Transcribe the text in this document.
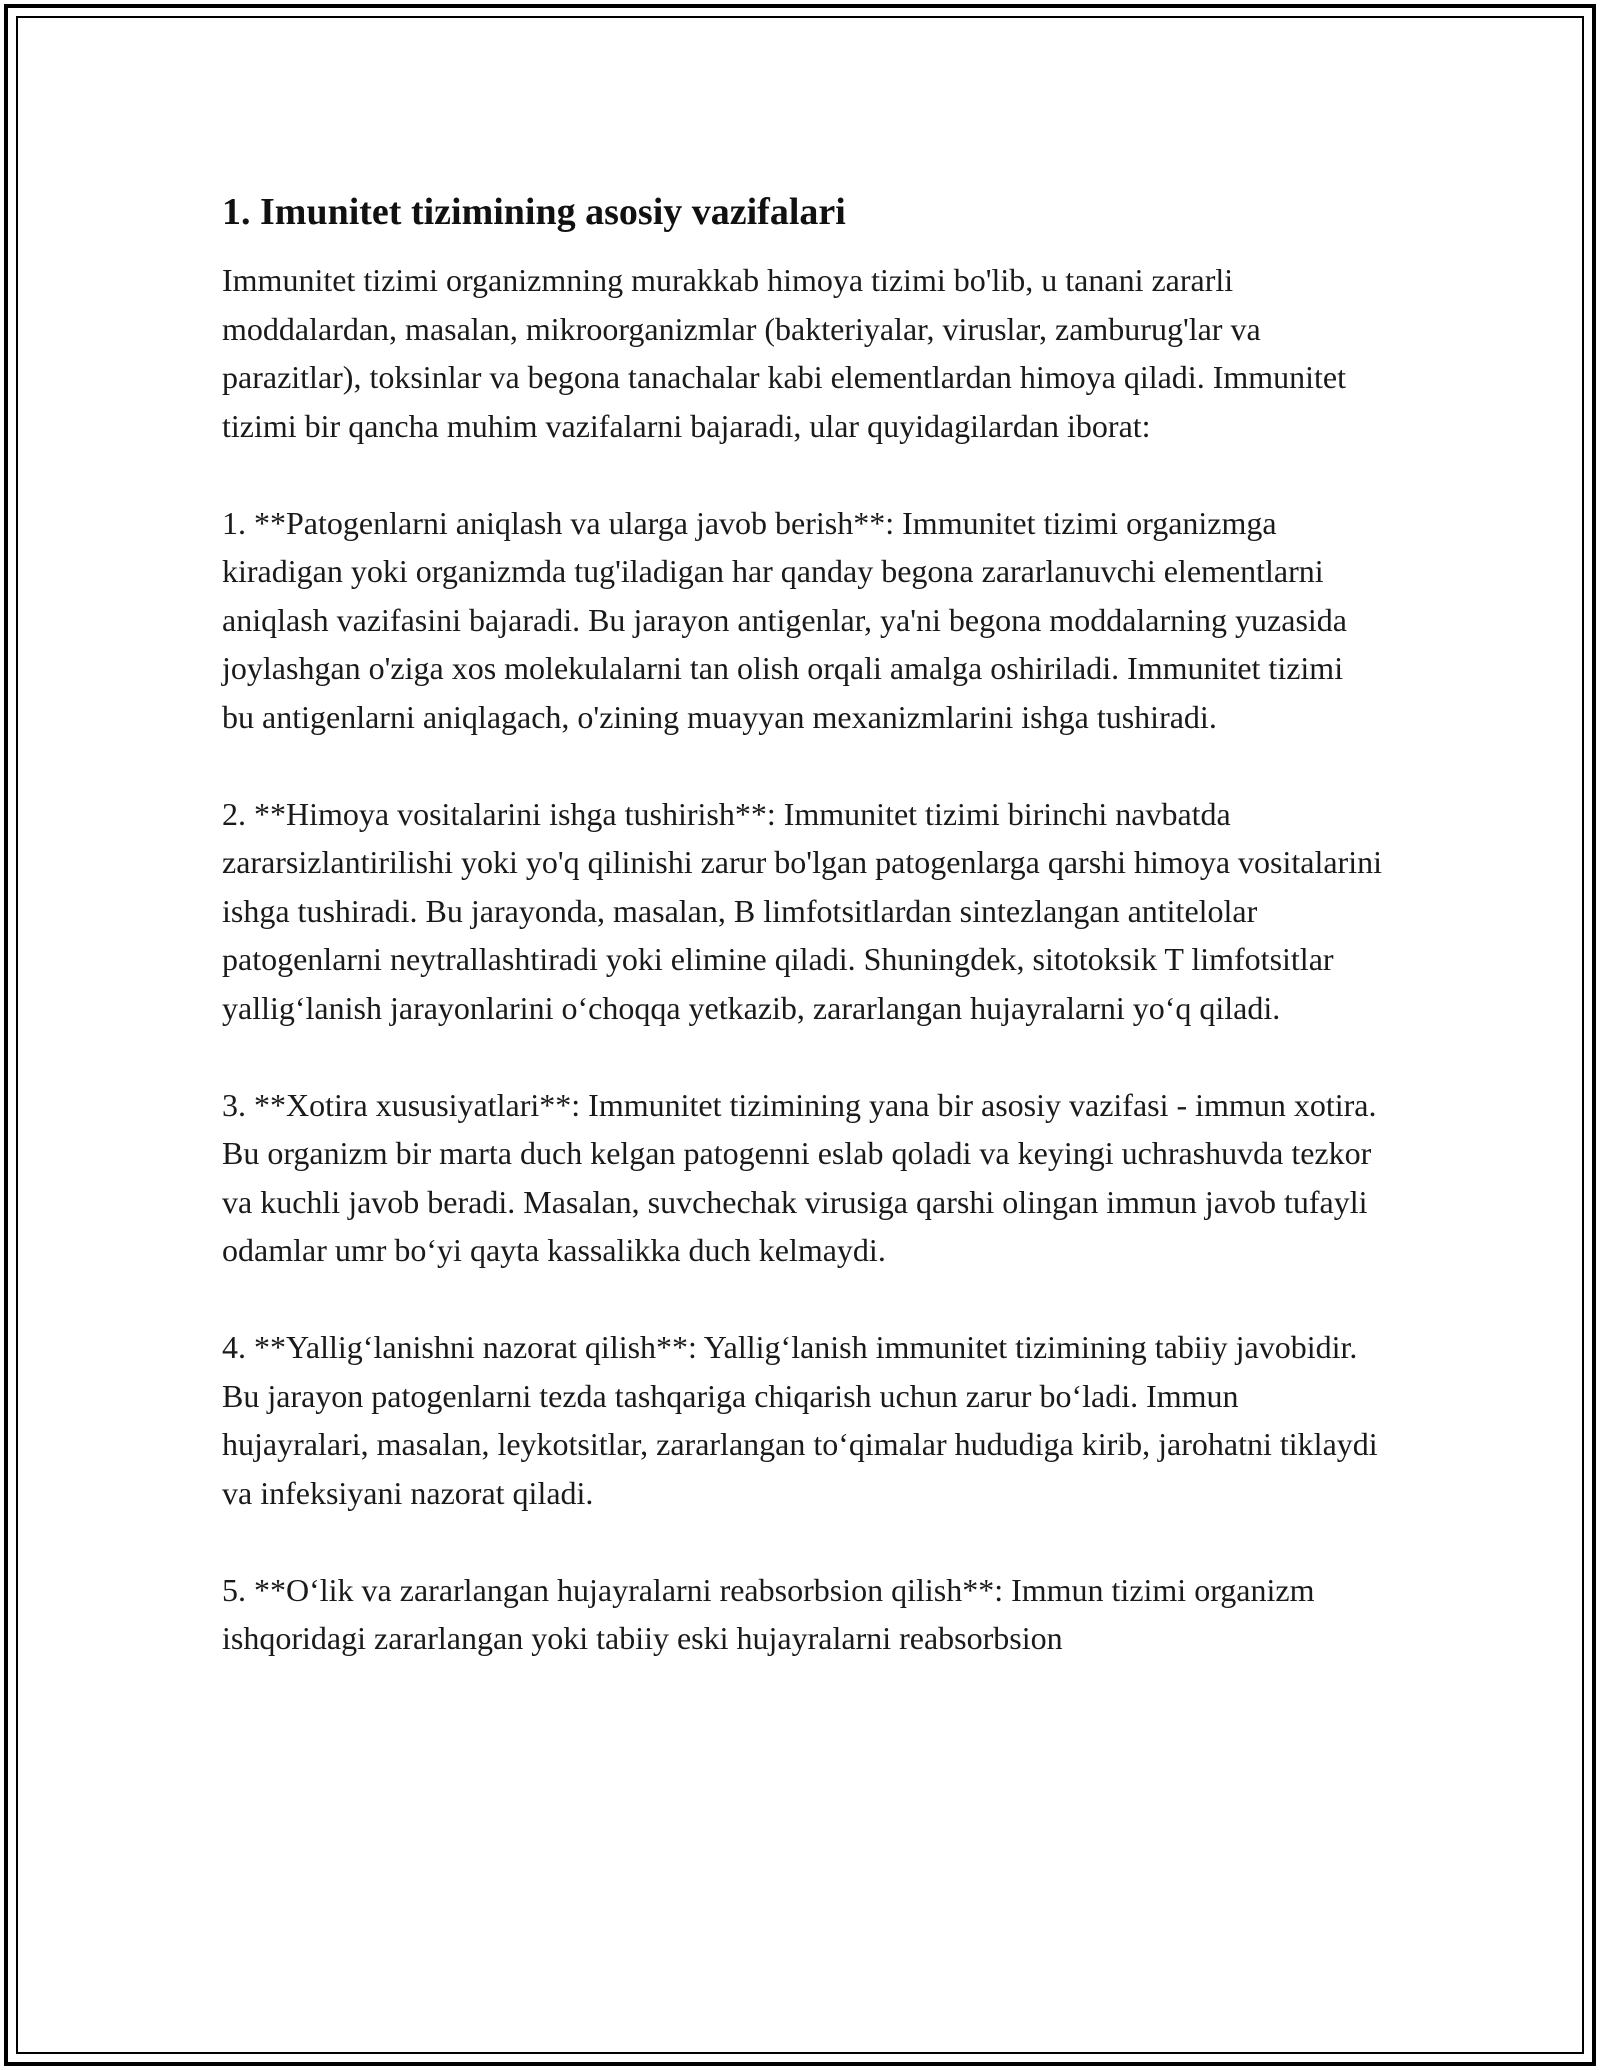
1. Imunitet tizimining asosiy vazifalari

Immunitet tizimi organizmning murakkab himoya tizimi bo'lib, u tanani zararli moddalardan, masalan, mikroorganizmlar (bakteriyalar, viruslar, zamburug'lar va parazitlar), toksinlar va begona tanachalar kabi elementlardan himoya qiladi. Immunitet tizimi bir qancha muhim vazifalarni bajaradi, ular quyidagilardan iborat:

1. **Patogenlarni aniqlash va ularga javob berish**: Immunitet tizimi organizmga kiradigan yoki organizmda tug'iladigan har qanday begona zararlanuvchi elementlarni aniqlash vazifasini bajaradi. Bu jarayon antigenlar, ya'ni begona moddalarning yuzasida joylashgan o'ziga xos molekulalarni tan olish orqali amalga oshiriladi. Immunitet tizimi bu antigenlarni aniqlagach, o'zining muayyan mexanizmlarini ishga tushiradi.

2. **Himoya vositalarini ishga tushirish**: Immunitet tizimi birinchi navbatda zararsizlantirilishi yoki yo'q qilinishi zarur bo'lgan patogenlarga qarshi himoya vositalarini ishga tushiradi. Bu jarayonda, masalan, B limfotsitlardan sintezlangan antitelolar patogenlarni neytrallashtiradi yoki elimine qiladi. Shuningdek, sitotoksik T limfotsitlar yallig‘lanish jarayonlarini o‘choqqa yetkazib, zararlangan hujayralarni yo‘q qiladi.

3. **Xotira xususiyatlari**: Immunitet tizimining yana bir asosiy vazifasi - immun xotira. Bu organizm bir marta duch kelgan patogenni eslab qoladi va keyingi uchrashuvda tezkor va kuchli javob beradi. Masalan, suvchechak virusiga qarshi olingan immun javob tufayli odamlar umr bo‘yi qayta kassalikka duch kelmaydi.

4. **Yallig‘lanishni nazorat qilish**: Yallig‘lanish immunitet tizimining tabiiy javobidir. Bu jarayon patogenlarni tezda tashqariga chiqarish uchun zarur bo‘ladi. Immun hujayralari, masalan, leykotsitlar, zararlangan to‘qimalar hududiga kirib, jarohatni tiklaydi va infeksiyani nazorat qiladi.

5. **O‘lik va zararlangan hujayralarni reabsorbsion qilish**: Immun tizimi organizm ishqoridagi zararlangan yoki tabiiy eski hujayralarni reabsorbsion
